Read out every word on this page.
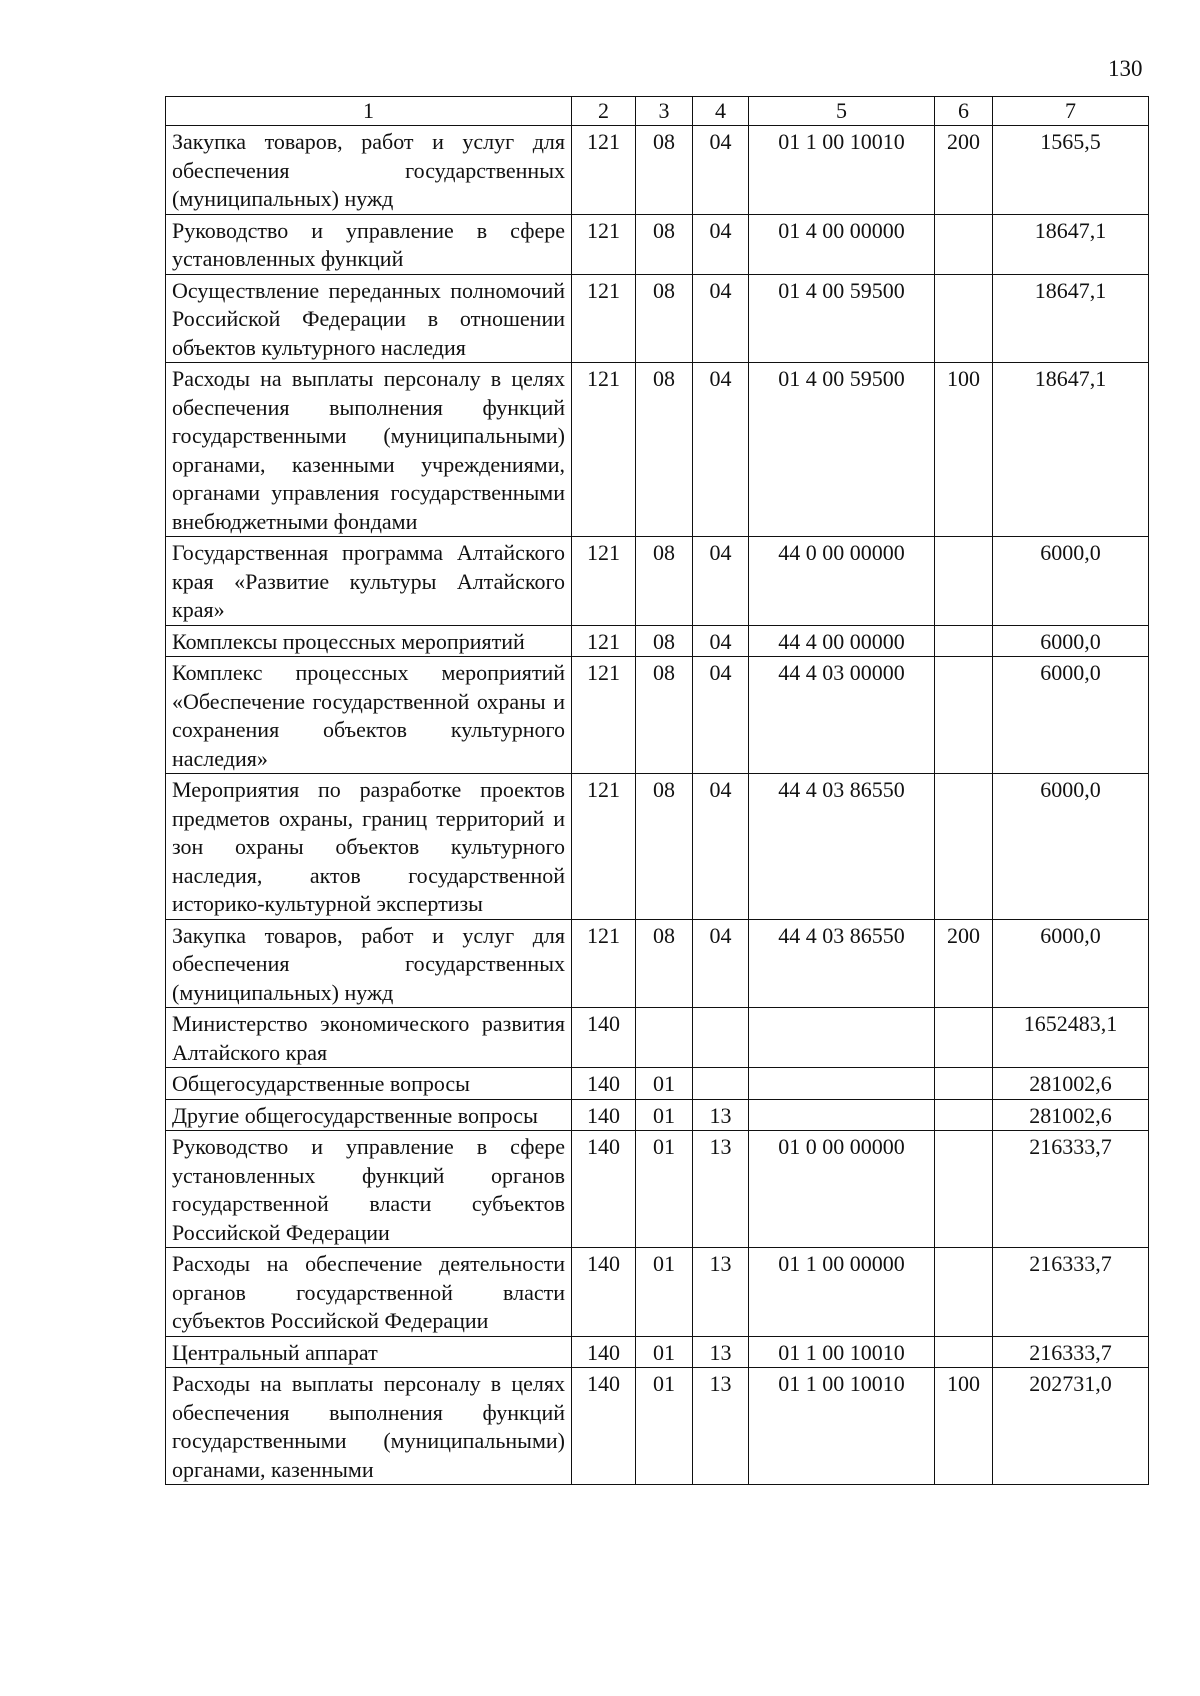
130
1	2	3	4	5	6	7
Закупка товаров, работ и услуг для обеспечения государственных (муниципальных) нужд	121	08	04	01 1 00 10010	200	1565,5
Руководство и управление в сфере установленных функций	121	08	04	01 4 00 00000		18647,1
Осуществление переданных полномочий Российской Федерации в отношении объектов культурного наследия	121	08	04	01 4 00 59500		18647,1
Расходы на выплаты персоналу в целях обеспечения выполнения функций государственными (муниципальными) органами, казенными учреждениями, органами управления государственными внебюджетными фондами	121	08	04	01 4 00 59500	100	18647,1
Государственная программа Алтайского края «Развитие культуры Алтайского края»	121	08	04	44 0 00 00000		6000,0
Комплексы процессных мероприятий	121	08	04	44 4 00 00000		6000,0
Комплекс процессных мероприятий «Обеспечение государственной охраны и сохранения объектов культурного наследия»	121	08	04	44 4 03 00000		6000,0
Мероприятия по разработке проектов предметов охраны, границ территорий и зон охраны объектов культурного наследия, актов государственной историко-культурной экспертизы	121	08	04	44 4 03 86550		6000,0
Закупка товаров, работ и услуг для обеспечения государственных (муниципальных) нужд	121	08	04	44 4 03 86550	200	6000,0
Министерство экономического развития Алтайского края	140					1652483,1
Общегосударственные вопросы	140	01				281002,6
Другие общегосударственные вопросы	140	01	13			281002,6
Руководство и управление в сфере установленных функций органов государственной власти субъектов Российской Федерации	140	01	13	01 0 00 00000		216333,7
Расходы на обеспечение деятельности органов государственной власти субъектов Российской Федерации	140	01	13	01 1 00 00000		216333,7
Центральный аппарат	140	01	13	01 1 00 10010		216333,7
Расходы на выплаты персоналу в целях обеспечения выполнения функций государственными (муниципальными) органами, казенными	140	01	13	01 1 00 10010	100	202731,0
